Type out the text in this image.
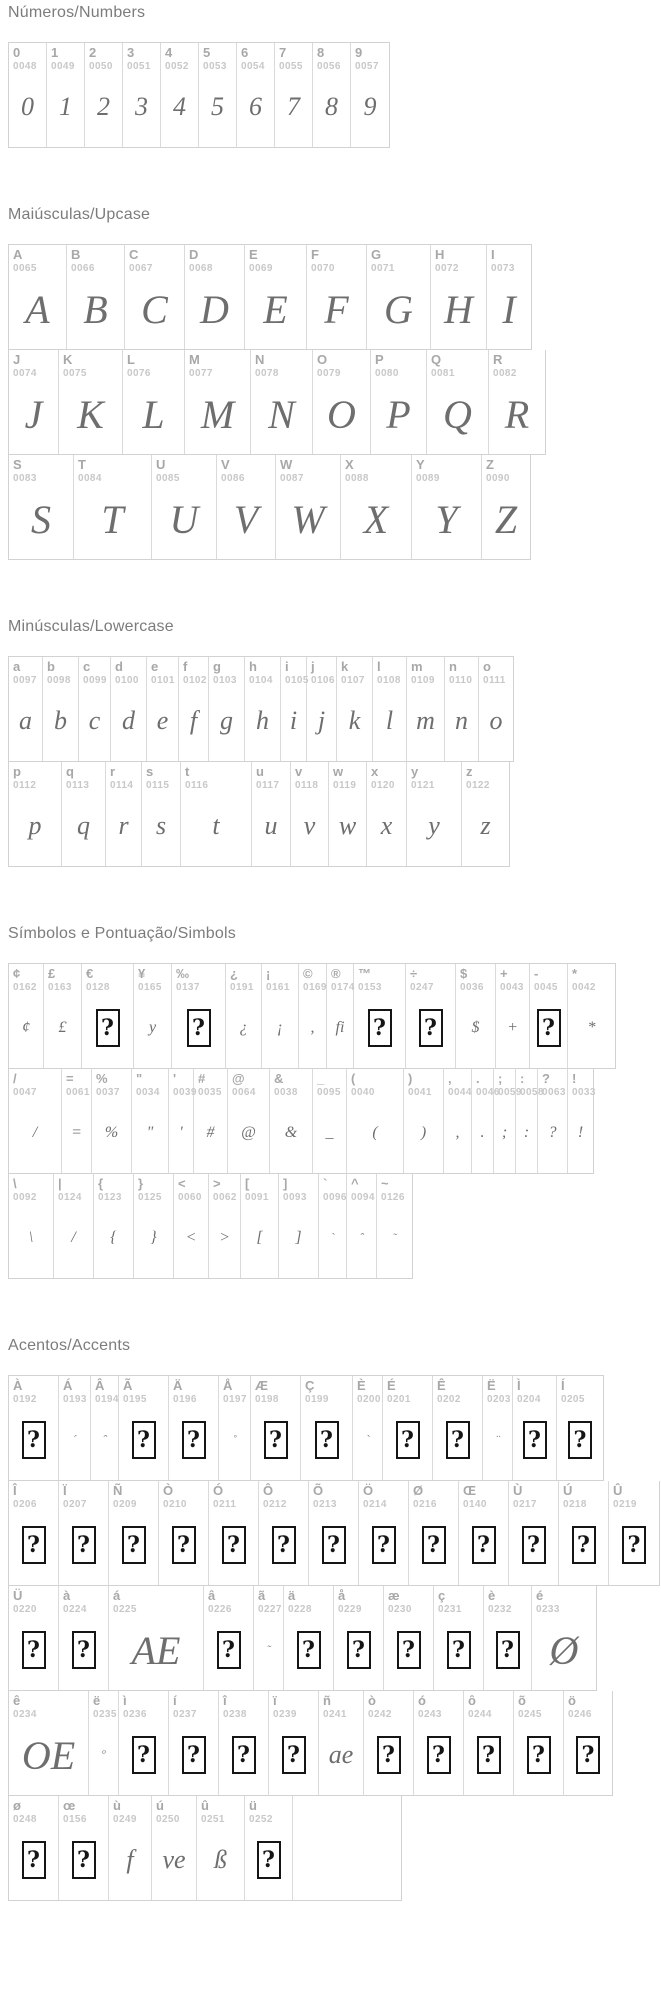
Números/Numbers
0
0048
0
1
0049
1
2
0050
2
3
0051
3
4
0052
4
5
0053
5
6
0054
6
7
0055
7
8
0056
8
9
0057
9
Maiúsculas/Upcase
A
0065
A
B
0066
B
C
0067
C
D
0068
D
E
0069
E
F
0070
F
G
0071
G
H
0072
H
I
0073
I
J
0074
J
K
0075
K
L
0076
L
M
0077
M
N
0078
N
O
0079
O
P
0080
P
Q
0081
Q
R
0082
R
S
0083
S
T
0084
T
U
0085
U
V
0086
V
W
0087
W
X
0088
X
Y
0089
Y
Z
0090
Z
Minúsculas/Lowercase
a
0097
a
b
0098
b
c
0099
c
d
0100
d
e
0101
e
f
0102
f
g
0103
g
h
0104
h
i
0105
i
j
0106
j
k
0107
k
l
0108
l
m
0109
m
n
0110
n
o
0111
o
p
0112
p
q
0113
q
r
0114
r
s
0115
s
t
0116
t
u
0117
u
v
0118
v
w
0119
w
x
0120
x
y
0121
y
z
0122
z
Símbolos e Pontuação/Simbols
¢
0162
¢
£
0163
£
€
0128
?
¥
0165
y
‰
0137
?
¿
0191
¿
¡
0161
¡
©
0169
,
®
0174
fi
™
0153
?
÷
0247
?
$
0036
$
+
0043
+
-
0045
?
*
0042
*
/
0047
/
=
0061
=
%
0037
%
"
0034
"
'
0039
'
#
0035
#
@
0064
@
&
0038
&
_
0095
_
(
0040
(
)
0041
)
,
0044
,
.
0046
.
;
0059
;
:
0058
:
?
0063
?
!
0033
!
\
0092
\
|
0124
/
{
0123
{
}
0125
}
<
0060
<
>
0062
>
[
0091
[
]
0093
]
`
0096
`
^
0094
ˆ
~
0126
˜
Acentos/Accents
À
0192
?
Á
0193
´
Â
0194
ˆ
Ã
0195
?
Ä
0196
?
Å
0197
˚
Æ
0198
?
Ç
0199
?
È
0200
`
É
0201
?
Ê
0202
?
Ë
0203
¨
Ì
0204
?
Í
0205
?
Î
0206
?
Ï
0207
?
Ñ
0209
?
Ò
0210
?
Ó
0211
?
Ô
0212
?
Õ
0213
?
Ö
0214
?
Ø
0216
?
Œ
0140
?
Ù
0217
?
Ú
0218
?
Û
0219
?
Ü
0220
?
à
0224
?
á
0225
AE
â
0226
?
ã
0227
˜
ä
0228
?
å
0229
?
æ
0230
?
ç
0231
?
è
0232
?
é
0233
Ø
ê
0234
OE
ë
0235
º
ì
0236
?
í
0237
?
î
0238
?
ï
0239
?
ñ
0241
ae
ò
0242
?
ó
0243
?
ô
0244
?
õ
0245
?
ö
0246
?
ø
0248
?
œ
0156
?
ù
0249
f
ú
0250
ve
û
0251
ß
ü
0252
?
